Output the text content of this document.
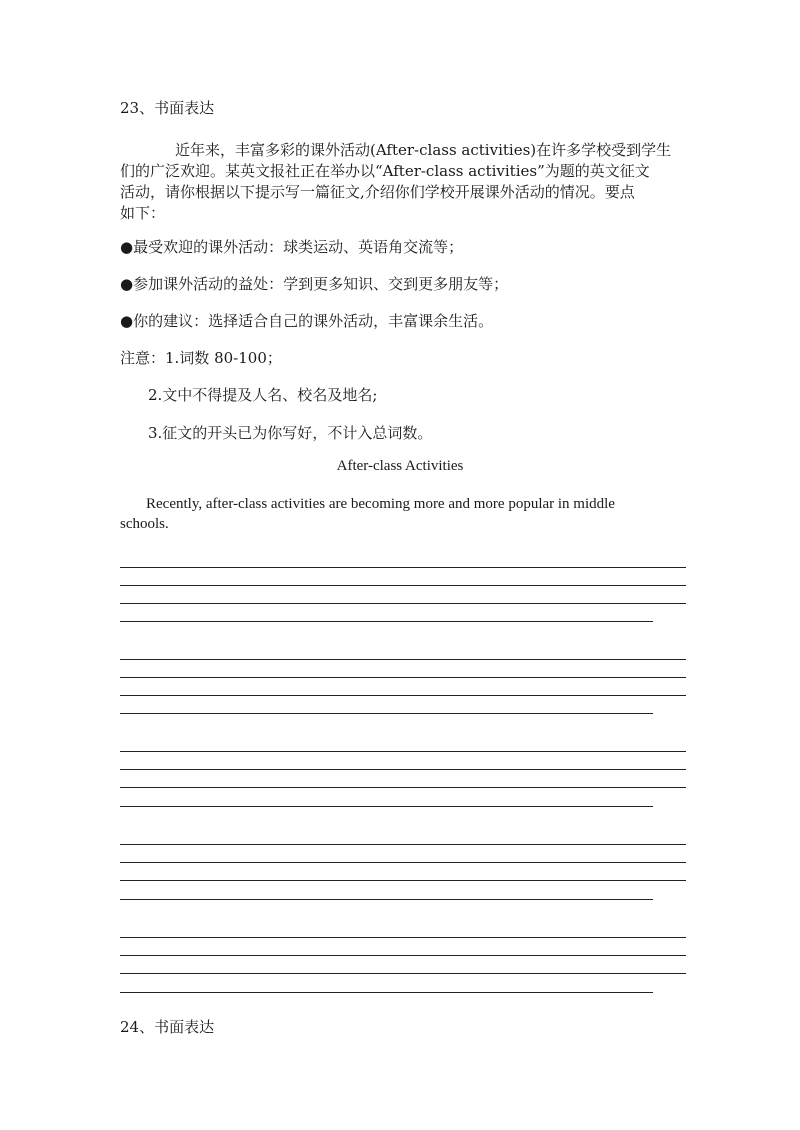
23、书面表达
近年来，丰富多彩的课外活动(After-class activities)在许多学校受到学生
们的广泛欢迎。某英文报社正在举办以“After-class activities”为题的英文征文
活动，请你根据以下提示写一篇征文,介绍你们学校开展课外活动的情况。要点
如下：
●最受欢迎的课外活动：球类运动、英语角交流等；
●参加课外活动的益处：学到更多知识、交到更多朋友等；
●你的建议：选择适合自己的课外活动，丰富课余生活。
注意：1.词数 80-100；
2.文中不得提及人名、校名及地名;
3.征文的开头已为你写好，不计入总词数。
After-class Activities
Recently, after-class activities are becoming more and more popular in middle
schools.
24、书面表达
